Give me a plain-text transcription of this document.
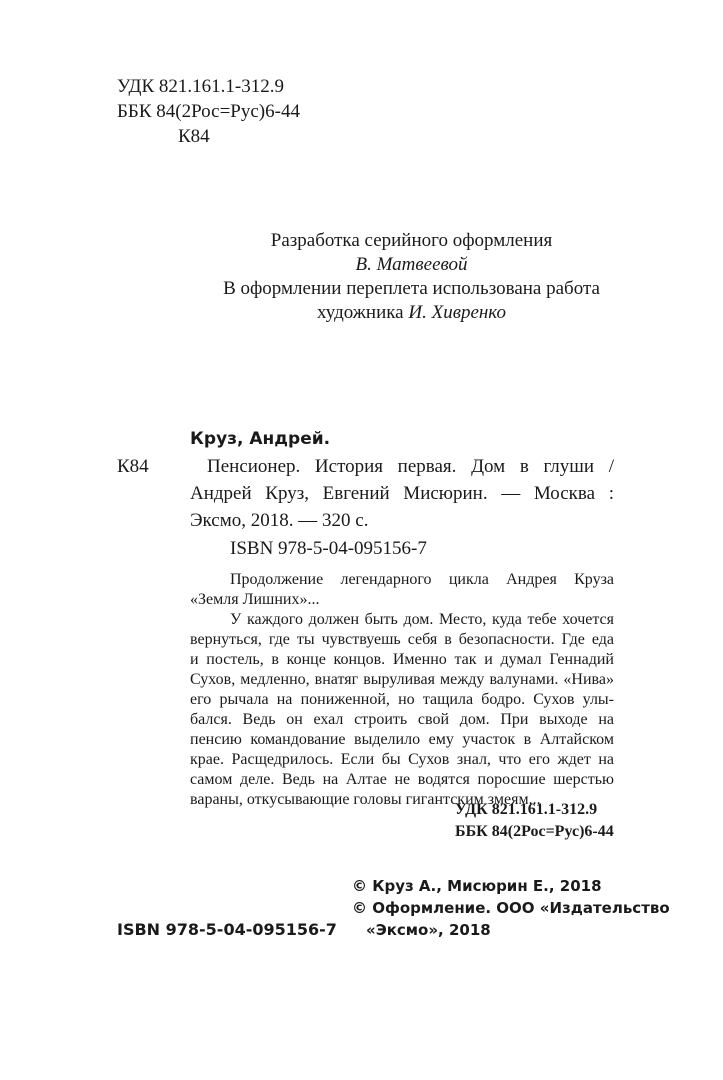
УДК 821.161.1-312.9
ББК 84(2Рос=Рус)6-44
К84
Разработка серийного оформления
В. Матвеевой
В оформлении переплета использована работа
художника И. Хивренко
Круз, Андрей.
К84	Пенсионер. История первая. Дом в глуши /
Андрей Круз, Евгений Мисюрин. — Москва :
Эксмо, 2018. — 320 с.
ISBN 978-5-04-095156-7
Продолжение легендарного цикла Андрея Круза
«Земля Лишних»...
У каждого должен быть дом. Место, куда тебе хочется
вернуться, где ты чувствуешь себя в безопасности. Где еда
и постель, в конце концов. Именно так и думал Геннадий
Сухов, медленно, внатяг выруливая между валунами. «Нива»
его рычала на пониженной, но тащила бодро. Сухов улы-
бался. Ведь он ехал строить свой дом. При выходе на
пенсию командование выделило ему участок в Алтайском
крае. Расщедрилось. Если бы Сухов знал, что его ждет на
самом деле. Ведь на Алтае не водятся поросшие шерстью
вараны, откусывающие головы гигантским змеям...
УДК 821.161.1-312.9
ББК 84(2Рос=Рус)6-44
© Круз А., Мисюрин Е., 2018
© Оформление. ООО «Издательство
«Эксмо», 2018
ISBN 978-5-04-095156-7
